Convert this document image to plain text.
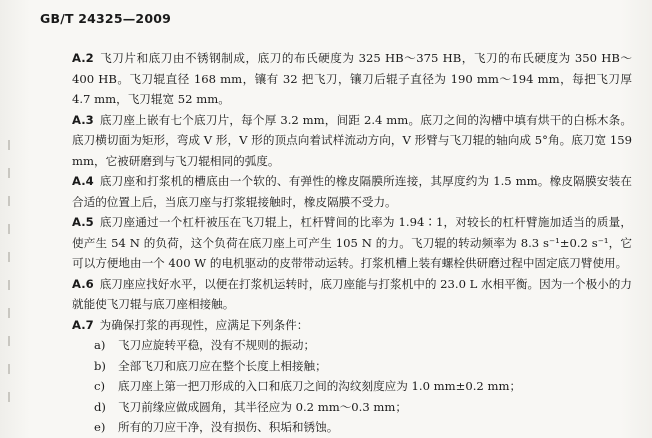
GB/T 24325—2009

A.2 飞刀片和底刀由不锈钢制成，底刀的布氏硬度为 325 HB～375 HB，飞刀的布氏硬度为 350 HB～400 HB。飞刀辊直径 168 mm，镶有 32 把飞刀，镶刀后辊子直径为 190 mm～194 mm，每把飞刀厚 4.7 mm，飞刀辊宽 52 mm。

A.3 底刀座上嵌有七个底刀片，每个厚 3.2 mm，间距 2.4 mm。底刀之间的沟槽中填有烘干的白栎木条。底刀横切面为矩形，弯成 V 形，V 形的顶点向着试样流动方向，V 形臂与飞刀辊的轴向成 5°角。底刀宽 159 mm，它被研磨到与飞刀辊相同的弧度。

A.4 底刀座和打浆机的槽底由一个软的、有弹性的橡皮隔膜所连接，其厚度约为 1.5 mm。橡皮隔膜安装在合适的位置上后，当底刀座与打浆辊接触时，橡皮隔膜不受力。

A.5 底刀座通过一个杠杆被压在飞刀辊上，杠杆臂间的比率为 1.94∶1，对较长的杠杆臂施加适当的质量，使产生 54 N 的负荷，这个负荷在底刀座上可产生 105 N 的力。飞刀辊的转动频率为 8.3 s⁻¹±0.2 s⁻¹，它可以方便地由一个 400 W 的电机驱动的皮带带动运转。打浆机槽上装有螺栓供研磨过程中固定底刀臂使用。

A.6 底刀座应找好水平，以便在打浆机运转时，底刀座能与打浆机中的 23.0 L 水相平衡。因为一个极小的力就能使飞刀辊与底刀座相接触。

A.7 为确保打浆的再现性，应满足下列条件：

a) 飞刀应旋转平稳，没有不规则的振动；
b) 全部飞刀和底刀应在整个长度上相接触；
c) 底刀座上第一把刀形成的入口和底刀之间的沟纹刻度应为 1.0 mm±0.2 mm；
d) 飞刀前缘应做成圆角，其半径应为 0.2 mm～0.3 mm；
e) 所有的刀应干净，没有损伤、积垢和锈蚀。
